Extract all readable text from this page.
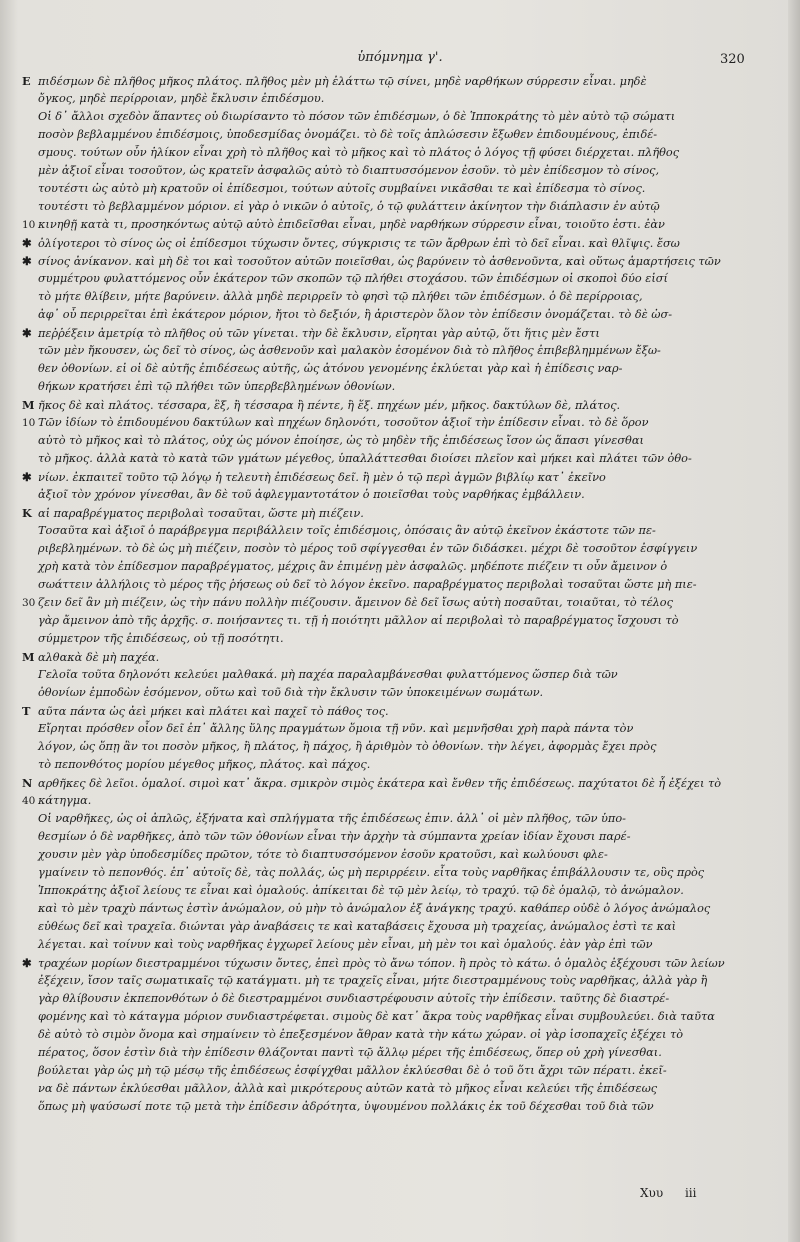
ὑπόμνημα γ'.	320
Ε πιδέσμων δὲ πλῆθος μῆκος πλάτος. πλῆθος μὲν μὴ ἐλάττω τῷ σίνει, μηδὲ ναρθήκων σύρρεσιν εἶναι. μηδὲ
ὄγκος, μηδὲ περίρροιαν, μηδὲ ἔκλυσιν ἐπιδέσμου.
Οἱ δ᾽ ἄλλοι σχεδὸν ἅπαντες οὐ διωρίσαντο τὸ πόσον τῶν ἐπιδέσμων, ὁ δὲ Ἱπποκράτης τὸ μὲν αὐτὸ τῷ σώματι
ποσὸν βεβλαμμένου ἐπιδέσμοις, ὑποδεσμίδας ὀνομάζει. τὸ δὲ τοῖς ἀπλώσεσιν ἔξωθεν ἐπιδουμένους, ἐπιδέ-
σμους. τούτων οὖν ἡλίκον εἶναι χρὴ τὸ πλῆθος καὶ τὸ μῆκος καὶ τὸ πλάτος ὁ λόγος τῇ φύσει διέρχεται. πλῆθος
μὲν ἀξιοῖ εἶναι τοσοῦτον, ὡς κρατεῖν ἀσφαλῶς αὐτὸ τὸ διαπτυσσόμενον ἐσοῦν. τὸ μὲν ἐπίδεσμον τὸ σίνος,
τουτέστι ὡς αὐτὸ μὴ κρατοῦν οἱ ἐπίδεσμοι, τούτων αὐτοῖς συμβαίνει νικᾶσθαι τε καὶ ἐπίδεσμα τὸ σίνος.
τουτέστι τὸ βεβλαμμένον μόριον. εἰ γὰρ ὁ νικῶν ὁ αὐτοῖς, ὁ τῷ φυλάττειν ἀκίνητον τὴν διάπλασιν ἐν αὐτῷ
10 κινηθῇ κατὰ τι, προσηκόντως αὐτῷ αὐτὸ ἐπιδεῖσθαι εἶναι, μηδὲ ναρθήκων σύρρεσιν εἶναι, τοιοῦτο ἐστι. ἐὰν
✱ ὀλίγοτεροι τὸ σίνος ὡς οἱ ἐπίδεσμοι τύχωσιν ὄντες, σύγκρισις τε τῶν ἄρθρων ἐπὶ τὸ δεῖ εἶναι. καὶ θλῖψις. ἔσω
✱ σίνος ἀνίκανον. καὶ μὴ δὲ τοι καὶ τοσοῦτον αὐτῶν ποιεῖσθαι, ὡς βαρύνειν τὸ ἀσθενοῦντα, καὶ οὕτως ἁμαρτήσεις τῶν
συμμέτρου φυλαττόμενος οὖν ἑκάτερον τῶν σκοπῶν τῷ πλήθει στοχάσου. τῶν ἐπιδέσμων οἱ σκοποὶ δύο εἰσί
τὸ μήτε θλίβειν, μήτε βαρύνειν. ἀλλὰ μηδὲ περιρρεῖν τὸ φησὶ τῷ πλήθει τῶν ἐπιδέσμων. ὁ δὲ περίρροιας,
ἀφ᾽ οὗ περιρρεῖται ἐπὶ ἑκάτερον μόριον, ἤτοι τὸ δεξιόν, ἢ ἀριστερὸν ὅλον τὸν ἐπίδεσιν ὀνομάζεται. τὸ δὲ ὡσ-
✱ πεῤῥέξειν ἀμετρίᾳ τὸ πλῆθος οὐ τῶν γίνεται. τὴν δὲ ἔκλυσιν, εἴρηται γὰρ αὐτῷ, ὅτι ἥτις μὲν ἔστι
τῶν μὲν ἤκουσεν, ὡς δεῖ τὸ σίνος, ὡς ἀσθενοῦν καὶ μαλακὸν ἐσομένον διὰ τὸ πλῆθος ἐπιβεβλημμένων ἔξω-
θεν ὀθονίων. εἰ οἱ δὲ αὐτῆς ἐπιδέσεως αὐτῆς, ὡς ἀτόνου γενομένης ἐκλύεται γὰρ καὶ ἡ ἐπίδεσις ναρ-
θήκων κρατήσει ἐπὶ τῷ πλήθει τῶν ὑπερβεβλημένων ὀθονίων.
Μ ῆκος δὲ καὶ πλάτος. τέσσαρα, ἓξ, ἢ τέσσαρα ἢ πέντε, ἢ ἕξ. πηχέων μέν, μῆκος. δακτύλων δὲ, πλάτος.
10 Τῶν ἰδίων τὸ ἐπιδουμένου δακτύλων καὶ πηχέων δηλονότι, τοσοῦτον ἀξιοῖ τὴν ἐπίδεσιν εἶναι. τὸ δὲ ὅρον
αὐτὸ τὸ μῆκος καὶ τὸ πλάτος, οὐχ ὡς μόνον ἐποίησε, ὡς τὸ μηδὲν τῆς ἐπιδέσεως ἴσον ὡς ἅπασι γίνεσθαι
τὸ μῆκος. ἀλλὰ κατὰ τὸ κατὰ τῶν γμάτων μέγεθος, ὑπαλλάττεσθαι διοίσει πλεῖον καὶ μήκει καὶ πλάτει τῶν ὀθο-
✱ νίων. ἐκπαιτεῖ τοῦτο τῷ λόγῳ ἡ τελευτὴ ἐπιδέσεως δεῖ. ἢ μὲν ὁ τῷ περὶ ἀγμῶν βιβλίῳ κατ᾽ ἐκεῖνο
ἀξιοῖ τὸν χρόνον γίνεσθαι, ἂν δὲ τοῦ ἀφλεγμαντοτάτον ὁ ποιεῖσθαι τοὺς ναρθήκας ἐμβάλλειν.
Κ αἱ παραβρέγματος περιβολαὶ τοσαῦται, ὥστε μὴ πιέζειν.
Τοσαῦτα καὶ ἀξιοῖ ὁ παράβρεγμα περιβάλλειν τοῖς ἐπιδέσμοις, ὁπόσαις ἂν αὐτῷ ἐκεῖνον ἐκάστοτε τῶν πε-
ριβεβλημένων. τὸ δὲ ὡς μὴ πιέζειν, ποσὸν τὸ μέρος τοῦ σφίγγεσθαι ἐν τῶν διδάσκει. μέχρι δὲ τοσοῦτον ἐσφίγγειν
χρὴ κατὰ τὸν ἐπίδεσμον παραβρέγματος, μέχρις ἂν ἐπιμένῃ μὲν ἀσφαλῶς. μηδέποτε πιέζειν τι οὖν ἄμεινον ὁ
σωάττειν ἀλλήλοις τὸ μέρος τῆς ῥήσεως οὐ δεῖ τὸ λόγον ἐκεῖνο. παραβρέγματος περιβολαὶ τοσαῦται ὥστε μὴ πιε-
30 ζειν δεῖ ἂν μὴ πιέζειν, ὡς τὴν πάνυ πολλὴν πιέζουσιν. ἄμεινον δὲ δεῖ ἴσως αὐτὴ ποσαῦται, τοιαῦται, τὸ τέλος
γὰρ ἄμεινον ἀπὸ τῆς ἀρχῆς. σ. ποιήσαντες τι. τῇ ἡ ποιότητι μᾶλλον αἱ περιβολαὶ τὸ παραβρέγματος ἴσχουσι τὸ
σύμμετρον τῆς ἐπιδέσεως, οὐ τῇ ποσότητι.
Μ αλθακὰ δὲ μὴ παχέα.
Γελοῖα τοῦτα δηλονότι κελεύει μαλθακά. μὴ παχέα παραλαμβάνεσθαι φυλαττόμενος ὥσπερ διὰ τῶν
ὀθονίων ἐμποδὼν ἐσόμενον, οὕτω καὶ τοῦ διὰ τὴν ἔκλυσιν τῶν ὑποκειμένων σωμάτων.
Τ αῦτα πάντα ὡς ἀεὶ μήκει καὶ πλάτει καὶ παχεῖ τὸ πάθος τος.
Εἴρηται πρόσθεν οἷον δεῖ ἐπ᾽ ἄλλης ὕλης πραγμάτων ὅμοια τῇ νῦν. καὶ μεμνῆσθαι χρὴ παρὰ πάντα τὸν
λόγον, ὡς ὅπῃ ἂν τοι ποσὸν μῆκος, ἢ πλάτος, ἢ πάχος, ἢ ἀριθμὸν τὸ ὀθονίων. τὴν λέγει, ἀφορμὰς ἔχει πρὸς
τὸ πεπονθότος μορίου μέγεθος μῆκος, πλάτος. καὶ πάχος.
Ν αρθῆκες δὲ λεῖοι. ὁμαλοί. σιμοὶ κατ᾽ ἄκρα. σμικρὸν σιμὸς ἐκάτερα καὶ ἔνθεν τῆς ἐπιδέσεως. παχύτατοι δὲ ἧ ἐξέχει τὸ
40 κάτηγμα.
Οἱ ναρθῆκες, ὡς οἱ ἀπλῶς, ἐξήνατα καὶ σπλήγματα τῆς ἐπιδέσεως ἐπιν. ἀλλ᾽ οἱ μὲν πλῆθος, τῶν ὑπο-
θεσμίων ὁ δὲ ναρθῆκες, ἀπὸ τῶν τῶν ὀθονίων εἶναι τὴν ἀρχὴν τὰ σύμπαντα χρείαν ἰδίαν ἔχουσι παρέ-
χουσιν μὲν γὰρ ὑποδεσμίδες πρῶτον, τότε τὸ διαπτυσσόμενον ἐσοῦν κρατοῦσι, καὶ κωλύουσι φλε-
γμαίνειν τὸ πεπονθός. ἐπ᾽ αὐτοῖς δὲ, τὰς πολλάς, ὡς μὴ περιρρέειν. εἶτα τοὺς ναρθῆκας ἐπιβάλλουσιν τε, οὓς πρὸς
Ἱπποκράτης ἀξιοῖ λείους τε εἶναι καὶ ὁμαλούς. ἀπίκειται δὲ τῷ μὲν λείῳ, τὸ τραχύ. τῷ δὲ ὁμαλῷ, τὸ ἀνώμαλον.
καὶ τὸ μὲν τραχὺ πάντως ἐστὶν ἀνώμαλον, οὐ μὴν τὸ ἀνώμαλον ἐξ ἀνάγκης τραχύ. καθάπερ οὐδὲ ὁ λόγος ἀνώμαλος
εὐθέως δεῖ καὶ τραχεῖα. διώνται γὰρ ἀναβάσεις τε καὶ καταβάσεις ἔχουσα μὴ τραχείας, ἀνώμαλος ἐστὶ τε καὶ
λέγεται. καὶ τοίνυν καὶ τοὺς ναρθῆκας ἐγχωρεῖ λείους μὲν εἶναι, μὴ μὲν τοι καὶ ὁμαλούς. ἐὰν γὰρ ἐπὶ τῶν
✱ τραχέων μορίων διεστραμμένοι τύχωσιν ὄντες, ἐπεὶ πρὸς τὸ ἄνω τόπον. ἢ πρὸς τὸ κάτω. ὁ ὁμαλὸς ἐξέχουσι τῶν λείων
ἐξέχειν, ἴσον ταῖς σωματικαῖς τῷ κατάγματι. μὴ τε τραχεῖς εἶναι, μήτε διεστραμμένους τοὺς ναρθῆκας, ἀλλὰ γὰρ ἢ
γὰρ θλίβουσιν ἐκπεπονθότων ὁ δὲ διεστραμμένοι συνδιαστρέφουσιν αὐτοῖς τὴν ἐπίδεσιν. ταῦτης δὲ διαστρέ-
φομένης καὶ τὸ κάταγμα μόριον συνδιαστρέφεται. σιμοὺς δὲ κατ᾽ ἄκρα τοὺς ναρθῆκας εἶναι συμβουλεύει. διὰ ταῦτα
δὲ αὐτὸ τὸ σιμὸν ὄνομα καὶ σημαίνειν τὸ ἐπεξεσμένον ἄθραν κατὰ τὴν κάτω χώραν. οἱ γὰρ ἰσοπαχεῖς ἐξέχει τὸ
πέρατος, ὅσον ἐστὶν διὰ τὴν ἐπίδεσιν θλάζονται παντὶ τῷ ἄλλῳ μέρει τῆς ἐπιδέσεως, ὅπερ οὐ χρὴ γίνεσθαι.
βούλεται γὰρ ὡς μὴ τῷ μέσῳ τῆς ἐπιδέσεως ἐσφίγχθαι μᾶλλον ἐκλύεσθαι δὲ ὁ τοῦ ὅτι ἄχρι τῶν πέρατι. ἐκεῖ-
να δὲ πάντων ἐκλύεσθαι μᾶλλον, ἀλλὰ καὶ μικρότερους αὐτῶν κατὰ τὸ μῆκος εἶναι κελεύει τῆς ἐπιδέσεως
ὅπως μὴ ψαύσωσί ποτε τῷ μετὰ τὴν ἐπίδεσιν ἀδρότητα, ὑψουμένου πολλάκις ἐκ τοῦ δέχεσθαι τοῦ διὰ τῶν
Χυυ iii
